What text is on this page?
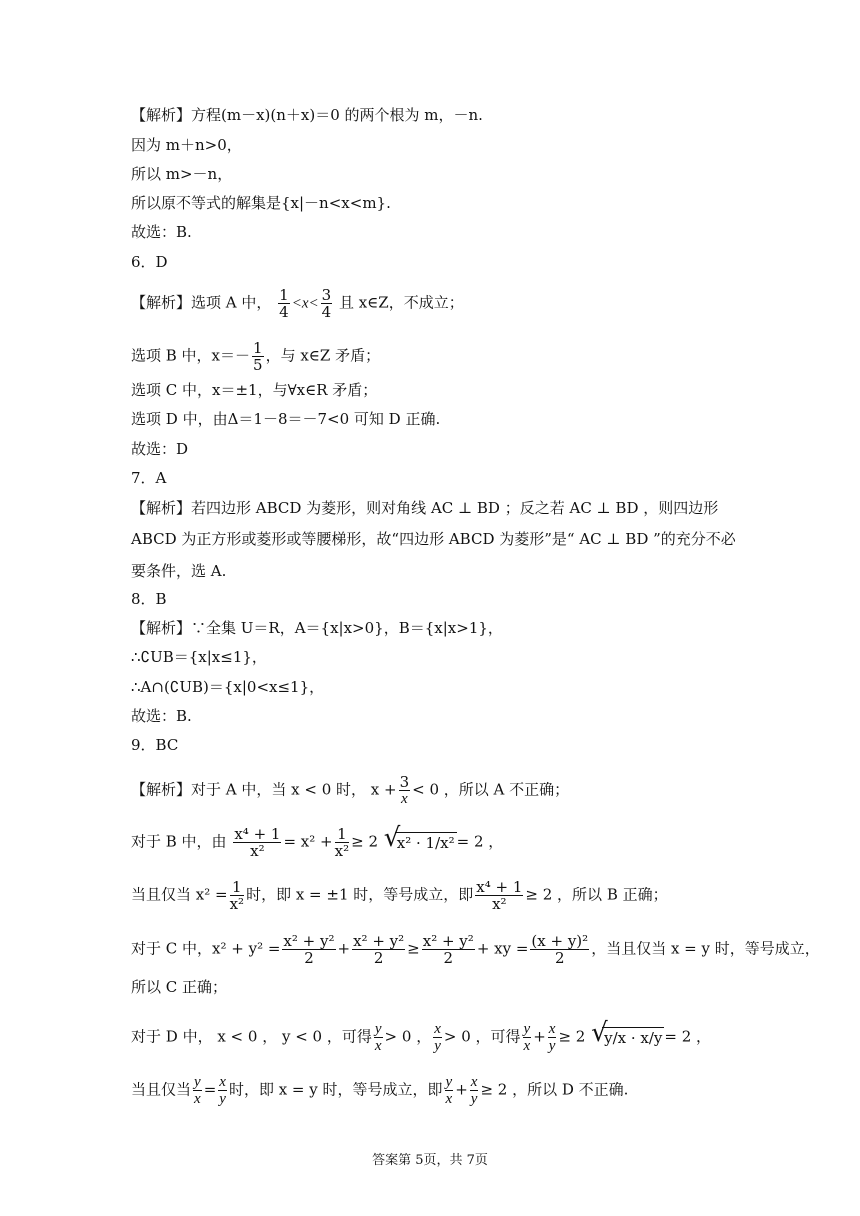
【解析】方程(m－x)(n＋x)＝0 的两个根为 m，－n.
因为 m＋n>0，
所以 m>－n，
所以原不等式的解集是{x|－n<x<m}.
故选：B.
6．D
【解析】选项 A 中， $\frac{1}{4} <x< \frac{3}{4}$ 且 x∈Z，不成立；
选项 B 中，$x=- \frac{1}{5}$ ，与 x∈Z 矛盾；
选项 C 中，x＝±1，与∀x∈R 矛盾；
选项 D 中，由Δ＝1－8＝－7<0 可知 D 正确.
故选：D
7．A
【解析】若四边形 ABCD 为菱形，则对角线 AC ⊥ BD ；反之若 AC ⊥ BD ，则四边形
ABCD 为正方形或菱形或等腰梯形，故“四边形 ABCD 为菱形”是“ AC ⊥ BD ”的充分不必
要条件，选 A.
8．B
【解析】∵全集 U＝R，A＝{x|x>0}，B＝{x|x>1}，
∴∁UB＝{x|x≤1}，
∴A∩(∁UB)＝{x|0<x≤1}，
故选：B.
9．BC
【解析】对于 A 中，当 x < 0 时， $x + \frac{3}{x} < 0$ ，所以 A 不正确；
对于 B 中，由 $\frac{\text{x⁴ + 1}}{\text{x²}} = x^2 + \frac{1}{\text{x²}} \ge 2$ √ x² · 1/x² = 2 ，
当且仅当 $x^2 = \frac{1}{\text{x²}}$ 时，即 x = ±1 时，等号成立，即 $\frac{\text{x⁴ + 1}}{\text{x²}} \ge 2$ ，所以 B 正确；
对于 C 中，$x^2 + y^2 = \frac{\text{x² + y²}}{2} + \frac{\text{x² + y²}}{2} \ge \frac{\text{x² + y²}}{2}$ + xy = $\frac{\text{(x + y)²}}{2}$ ，当且仅当 x = y 时，等号成立，
所以 C 正确；
对于 D 中， x < 0 ， y < 0 ，可得 $\frac{y}{x} > 0$ ， $\frac{x}{y} > 0$ ，可得 $\frac{y}{x} + \frac{x}{y} \ge 2$ √ y/x · x/y = 2 ，
当且仅当 $\frac{y}{x} = \frac{x}{y}$ 时，即 x = y 时，等号成立，即 $\frac{y}{x} + \frac{x}{y} \ge 2$ ，所以 D 不正确.
答案第 5页，共 7页
